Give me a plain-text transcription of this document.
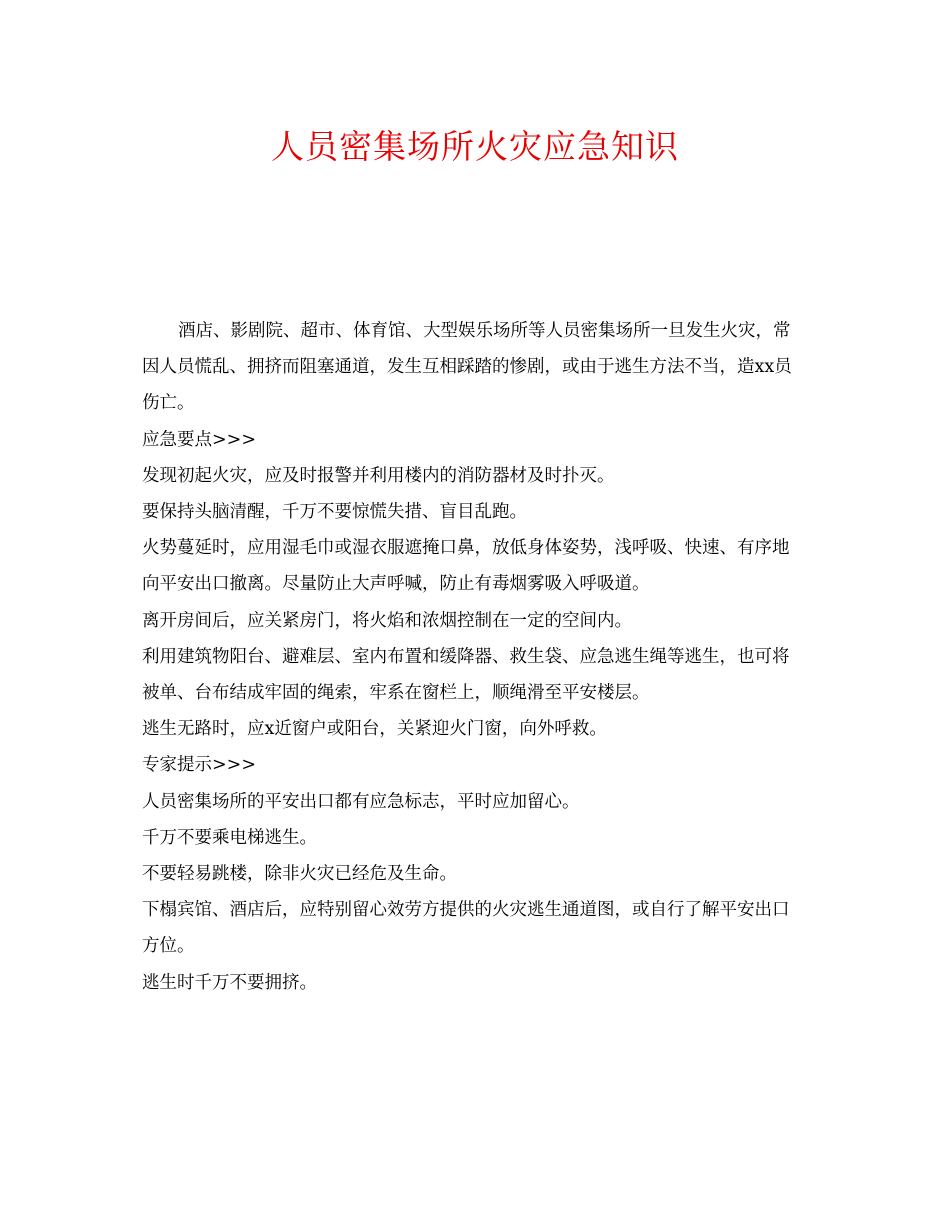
人员密集场所火灾应急知识

酒店、影剧院、超市、体育馆、大型娱乐场所等人员密集场所一旦发生火灾，常因人员慌乱、拥挤而阻塞通道，发生互相踩踏的惨剧，或由于逃生方法不当，造xx员伤亡。

应急要点>>>

发现初起火灾，应及时报警并利用楼内的消防器材及时扑灭。

要保持头脑清醒，千万不要惊慌失措、盲目乱跑。

火势蔓延时，应用湿毛巾或湿衣服遮掩口鼻，放低身体姿势，浅呼吸、快速、有序地向平安出口撤离。尽量防止大声呼喊，防止有毒烟雾吸入呼吸道。

离开房间后，应关紧房门，将火焰和浓烟控制在一定的空间内。

利用建筑物阳台、避难层、室内布置和缓降器、救生袋、应急逃生绳等逃生，也可将被单、台布结成牢固的绳索，牢系在窗栏上，顺绳滑至平安楼层。

逃生无路时，应x近窗户或阳台，关紧迎火门窗，向外呼救。

专家提示>>>

人员密集场所的平安出口都有应急标志，平时应加留心。

千万不要乘电梯逃生。

不要轻易跳楼，除非火灾已经危及生命。

下榻宾馆、酒店后，应特别留心效劳方提供的火灾逃生通道图，或自行了解平安出口方位。

逃生时千万不要拥挤。
